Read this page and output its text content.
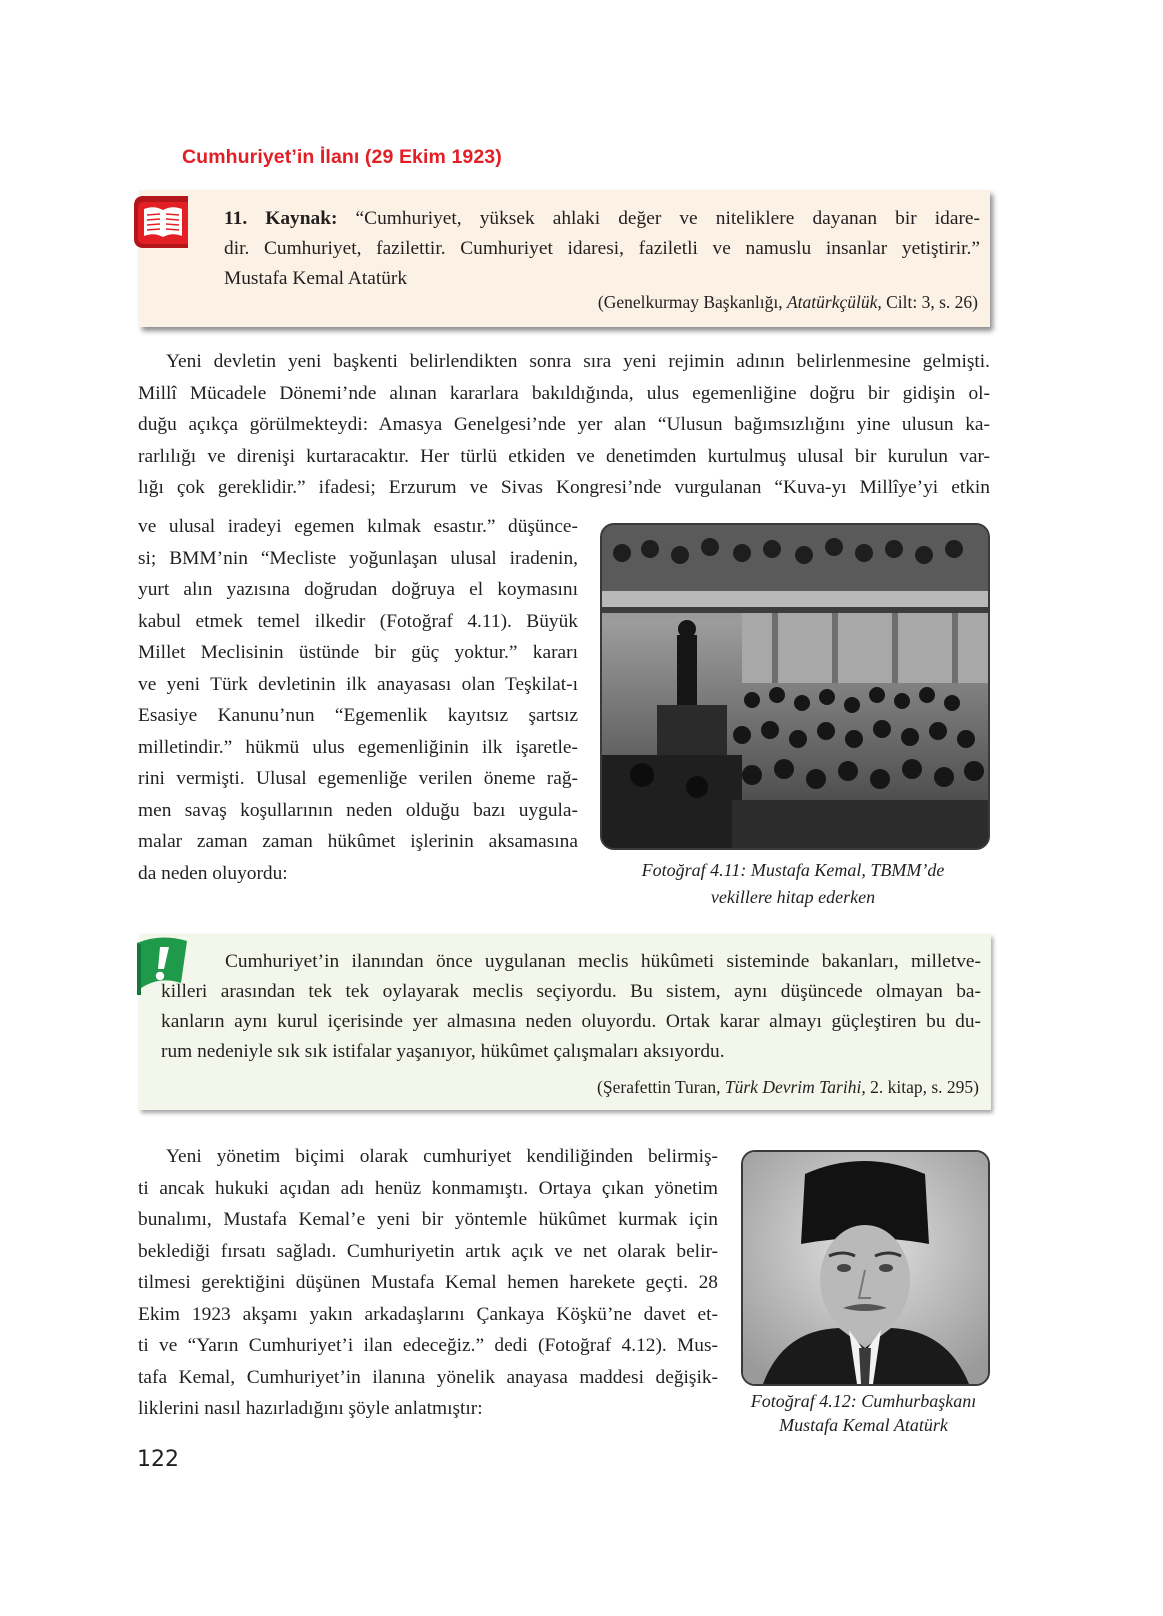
Cumhuriyet’in İlanı (29 Ekim 1923)

11. Kaynak: “Cumhuriyet, yüksek ahlaki değer ve niteliklere dayanan bir idare-

dir. Cumhuriyet, fazilettir. Cumhuriyet idaresi, faziletli ve namuslu insanlar yetiştirir.”

Mustafa Kemal Atatürk

(Genelkurmay Başkanlığı, Atatürkçülük, Cilt: 3, s. 26)

Yeni devletin yeni başkenti belirlendikten sonra sıra yeni rejimin adının belirlenmesine gelmişti.

Millî Mücadele Dönemi’nde alınan kararlara bakıldığında, ulus egemenliğine doğru bir gidişin ol-

duğu açıkça görülmekteydi: Amasya Genelgesi’nde yer alan “Ulusun bağımsızlığını yine ulusun ka-

rarlılığı ve direnişi kurtaracaktır. Her türlü etkiden ve denetimden kurtulmuş ulusal bir kurulun var-

lığı çok gereklidir.” ifadesi; Erzurum ve Sivas Kongresi’nde vurgulanan “Kuva-yı Millîye’yi etkin

ve ulusal iradeyi egemen kılmak esastır.” düşünce-

si; BMM’nin “Mecliste yoğunlaşan ulusal iradenin,

yurt alın yazısına doğrudan doğruya el koymasını

kabul etmek temel ilkedir (Fotoğraf 4.11). Büyük

Millet Meclisinin üstünde bir güç yoktur.” kararı

ve yeni Türk devletinin ilk anayasası olan Teşkilat-ı

Esasiye Kanunu’nun “Egemenlik kayıtsız şartsız

milletindir.” hükmü ulus egemenliğinin ilk işaretle-

rini vermişti. Ulusal egemenliğe verilen öneme rağ-

men savaş koşullarının neden olduğu bazı uygula-

malar zaman zaman hükûmet işlerinin aksamasına

da neden oluyordu:	Fotoğraf 4.11: Mustafa Kemal, TBMM’de

vekillere hitap ederken

Cumhuriyet’in ilanından önce uygulanan meclis hükûmeti sisteminde bakanları, milletve-

killeri arasından tek tek oylayarak meclis seçiyordu. Bu sistem, aynı düşüncede olmayan ba-

kanların aynı kurul içerisinde yer almasına neden oluyordu. Ortak karar almayı güçleştiren bu du-

rum nedeniyle sık sık istifalar yaşanıyor, hükûmet çalışmaları aksıyordu.

(Şerafettin Turan, Türk Devrim Tarihi, 2. kitap, s. 295)

Yeni yönetim biçimi olarak cumhuriyet kendiliğinden belirmiş-

ti ancak hukuki açıdan adı henüz konmamıştı. Ortaya çıkan yönetim

bunalımı, Mustafa Kemal’e yeni bir yöntemle hükûmet kurmak için

beklediği fırsatı sağladı. Cumhuriyetin artık açık ve net olarak belir-

tilmesi gerektiğini düşünen Mustafa Kemal hemen harekete geçti. 28

Ekim 1923 akşamı yakın arkadaşlarını Çankaya Köşkü’ne davet et-

ti ve “Yarın Cumhuriyet’i ilan edeceğiz.” dedi (Fotoğraf 4.12). Mus-

tafa Kemal, Cumhuriyet’in ilanına yönelik anayasa maddesi değişik-

liklerini nasıl hazırladığını şöyle anlatmıştır:	Fotoğraf 4.12: Cumhurbaşkanı

Mustafa Kemal Atatürk

122
